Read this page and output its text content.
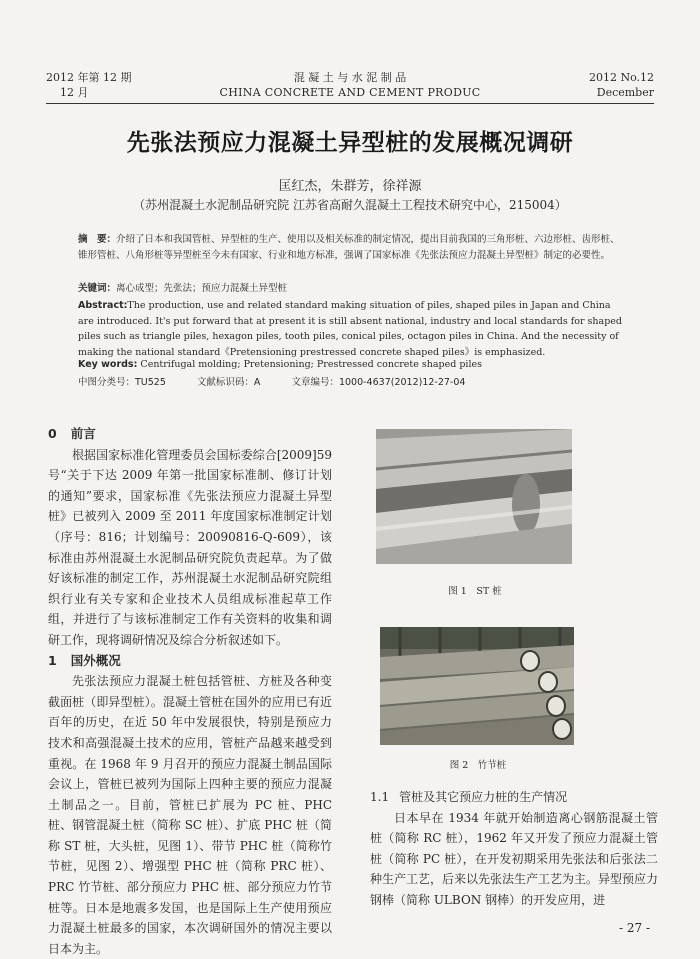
2012 年第 12 期
12 月
混 凝 土 与 水 泥 制 品
CHINA CONCRETE AND CEMENT PRODUC
2012 No.12
December
先张法预应力混凝土异型桩的发展概况调研
匡红杰，朱群芳，徐祥源
（苏州混凝土水泥制品研究院 江苏省高耐久混凝土工程技术研究中心，215004）
摘　要：介绍了日本和我国管桩、异型桩的生产、使用以及相关标准的制定情况，提出目前我国的三角形桩、六边形桩、齿形桩、锥形管桩、八角形桩等异型桩至今未有国家、行业和地方标准，强调了国家标准《先张法预应力混凝土异型桩》制定的必要性。
关键词：离心成型；先张法；预应力混凝土异型桩
Abstract:The production, use and related standard making situation of piles, shaped piles in Japan and China are introduced. It's put forward that at present it is still absent national, industry and local standards for shaped piles such as triangle piles, hexagon piles, tooth piles, conical piles, octagon piles in China. And the necessity of making the national standard《Pretensioning prestressed concrete shaped piles》is emphasized.
Key words: Centrifugal molding; Pretensioning; Prestressed concrete shaped piles
中图分类号：TU525	文献标识码：A	文章编号：1000-4637(2012)12-27-04
0 前言

根据国家标准化管理委员会国标委综合[2009]59 号“关于下达 2009 年第一批国家标准制、修订计划的通知”要求，国家标准《先张法预应力混凝土异型桩》已被列入 2009 至 2011 年度国家标准制定计划（序号：816；计划编号：20090816-Q-609），该标准由苏州混凝土水泥制品研究院负责起草。为了做好该标准的制定工作，苏州混凝土水泥制品研究院组织行业有关专家和企业技术人员组成标准起草工作组，并进行了与该标准制定工作有关资料的收集和调研工作，现将调研情况及综合分析叙述如下。

1 国外概况

先张法预应力混凝土桩包括管桩、方桩及各种变截面桩（即异型桩）。混凝土管桩在国外的应用已有近百年的历史，在近 50 年中发展很快，特别是预应力技术和高强混凝土技术的应用，管桩产品越来越受到重视。在 1968 年 9 月召开的预应力混凝土制品国际会议上，管桩已被列为国际上四种主要的预应力混凝土制品之一。目前，管桩已扩展为 PC 桩、PHC 桩、钢管混凝土桩（简称 SC 桩）、扩底 PHC 桩（简称 ST 桩，大头桩，见图 1）、带节 PHC 桩（简称竹节桩，见图 2）、增强型 PHC 桩（简称 PRC 桩）、PRC 竹节桩、部分预应力 PHC 桩、部分预应力竹节桩等。日本是地震多发国，也是国际上生产使用预应力混凝土桩最多的国家，本次调研国外的情况主要以日本为主。

图 1　ST 桩
图 2　竹节桩
1.1 管桩及其它预应力桩的生产情况

日本早在 1934 年就开始制造离心钢筋混凝土管桩（简称 RC 桩），1962 年又开发了预应力混凝土管桩（简称 PC 桩），在开发初期采用先张法和后张法二种生产工艺，后来以先张法生产工艺为主。异型预应力钢棒（简称 ULBON 钢棒）的开发应用，进

- 27 -
